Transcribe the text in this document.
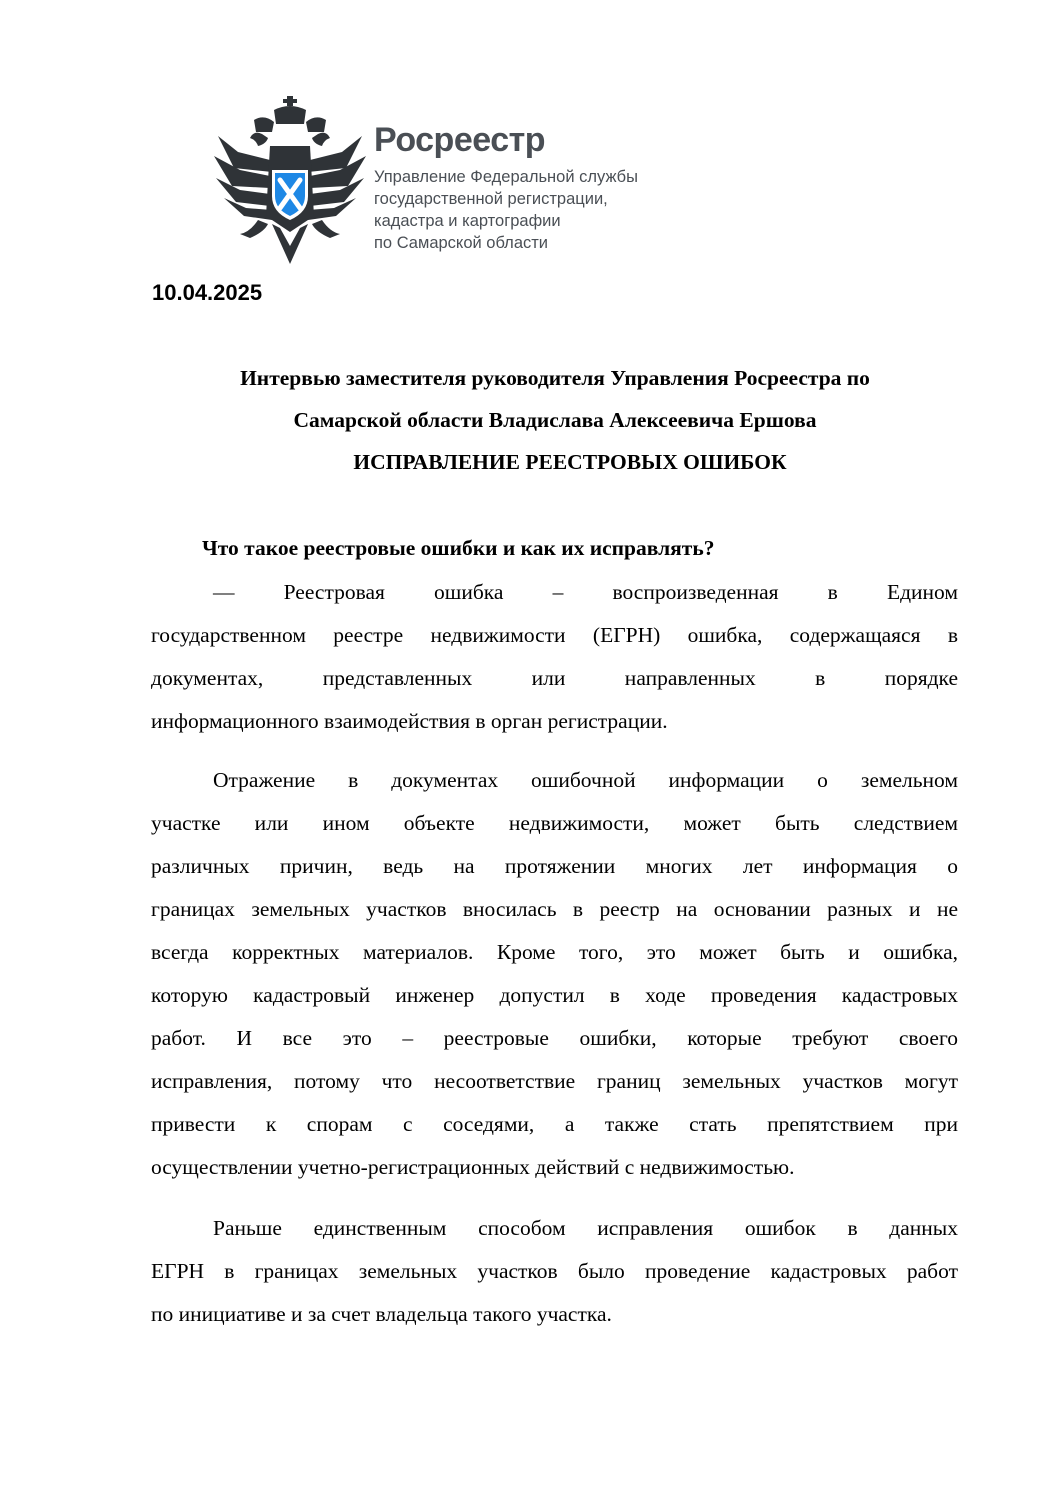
Росреестр
Управление Федеральной службы
государственной регистрации,
кадастра и картографии
по Самарской области
10.04.2025
Интервью заместителя руководителя Управления Росреестра по
Самарской области Владислава Алексеевича Ершова
ИСПРАВЛЕНИЕ РЕЕСТРОВЫХ ОШИБОК
Что такое реестровые ошибки и как их исправлять?
— Реестровая ошибка – воспроизведенная в Едином
государственном реестре недвижимости (ЕГРН) ошибка, содержащаяся в
документах, представленных или направленных в порядке
информационного взаимодействия в орган регистрации.
Отражение в документах ошибочной информации о земельном
участке или ином объекте недвижимости, может быть следствием
различных причин, ведь на протяжении многих лет информация о
границах земельных участков вносилась в реестр на основании разных и не
всегда корректных материалов. Кроме того, это может быть и ошибка,
которую кадастровый инженер допустил в ходе проведения кадастровых
работ. И все это – реестровые ошибки, которые требуют своего
исправления, потому что несоответствие границ земельных участков могут
привести к спорам с соседями, а также стать препятствием при
осуществлении учетно-регистрационных действий с недвижимостью.
Раньше единственным способом исправления ошибок в данных
ЕГРН в границах земельных участков было проведение кадастровых работ
по инициативе и за счет владельца такого участка.
